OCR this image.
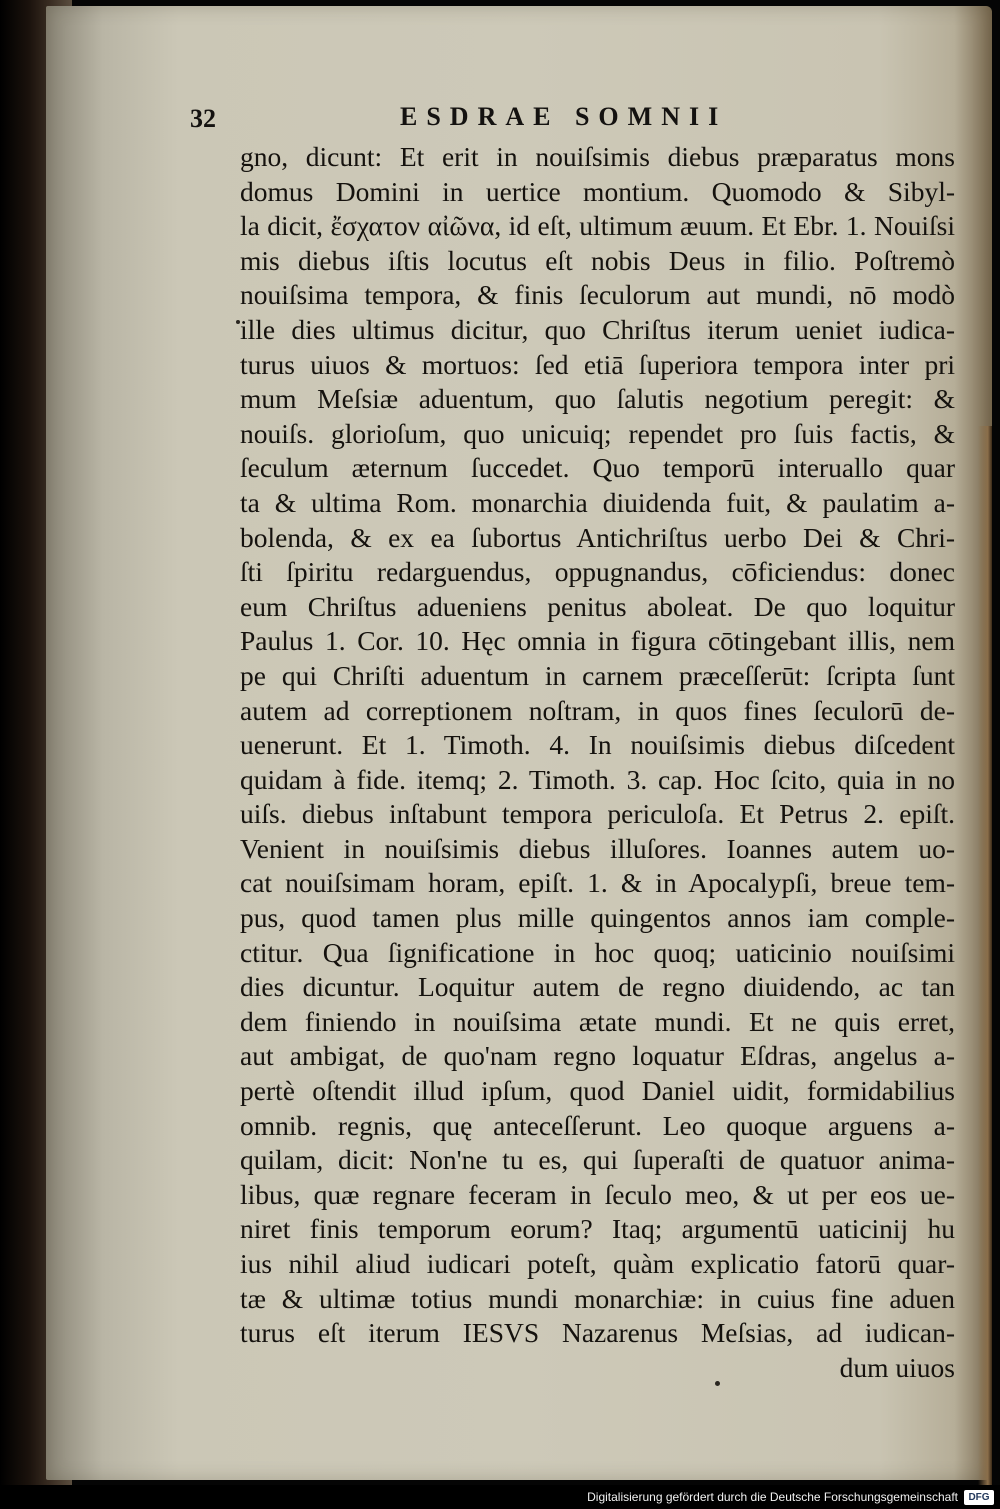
32	ESDRAE SOMNII
gno, dicunt: Et erit in nouiſsimis diebus præparatus mons
domus Domini in uertice montium. Quomodo & Sibyl-
la dicit, ἔσχατον αἰῶνα, id eſt, ultimum æuum. Et Ebr. 1. Nouiſsi
mis diebus iſtis locutus eſt nobis Deus in filio. Poſtremò
nouiſsima tempora, & finis ſeculorum aut mundi, nō modò
ille dies ultimus dicitur, quo Chriſtus iterum ueniet iudica-
turus uiuos & mortuos: ſed etiā ſuperiora tempora inter pri
mum Meſsiæ aduentum, quo ſalutis negotium peregit: &
nouiſs. glorioſum, quo unicuiq; rependet pro ſuis factis, &
ſeculum æternum ſuccedet. Quo temporū interuallo quar
ta & ultima Rom. monarchia diuidenda fuit, & paulatim a-
bolenda, & ex ea ſubortus Antichriſtus uerbo Dei & Chri-
ſti ſpiritu redarguendus, oppugnandus, cōficiendus: donec
eum Chriſtus adueniens penitus aboleat. De quo loquitur
Paulus 1. Cor. 10. Hęc omnia in figura cōtingebant illis, nem
pe qui Chriſti aduentum in carnem præceſſerūt: ſcripta ſunt
autem ad correptionem noſtram, in quos fines ſeculorū de-
uenerunt. Et 1. Timoth. 4. In nouiſsimis diebus diſcedent
quidam à fide. itemq; 2. Timoth. 3. cap. Hoc ſcito, quia in no
uiſs. diebus inſtabunt tempora periculoſa. Et Petrus 2. epiſt.
Venient in nouiſsimis diebus illuſores. Ioannes autem uo-
cat nouiſsimam horam, epiſt. 1. & in Apocalypſi, breue tem-
pus, quod tamen plus mille quingentos annos iam comple-
ctitur. Qua ſignificatione in hoc quoq; uaticinio nouiſsimi
dies dicuntur. Loquitur autem de regno diuidendo, ac tan
dem finiendo in nouiſsima ætate mundi. Et ne quis erret,
aut ambigat, de quo'nam regno loquatur Eſdras, angelus a-
pertè oſtendit illud ipſum, quod Daniel uidit, formidabilius
omnib. regnis, quę anteceſſerunt. Leo quoque arguens a-
quilam, dicit: Non'ne tu es, qui ſuperaſti de quatuor anima-
libus, quæ regnare feceram in ſeculo meo, & ut per eos ue-
niret finis temporum eorum? Itaq; argumentū uaticinij hu
ius nihil aliud iudicari poteſt, quàm explicatio fatorū quar-
tæ & ultimæ totius mundi monarchiæ: in cuius fine aduen
turus eſt iterum IESVS Nazarenus Meſsias, ad iudican-
dum uiuos
Digitalisierung gefördert durch die Deutsche Forschungsgemeinschaft	DFG
